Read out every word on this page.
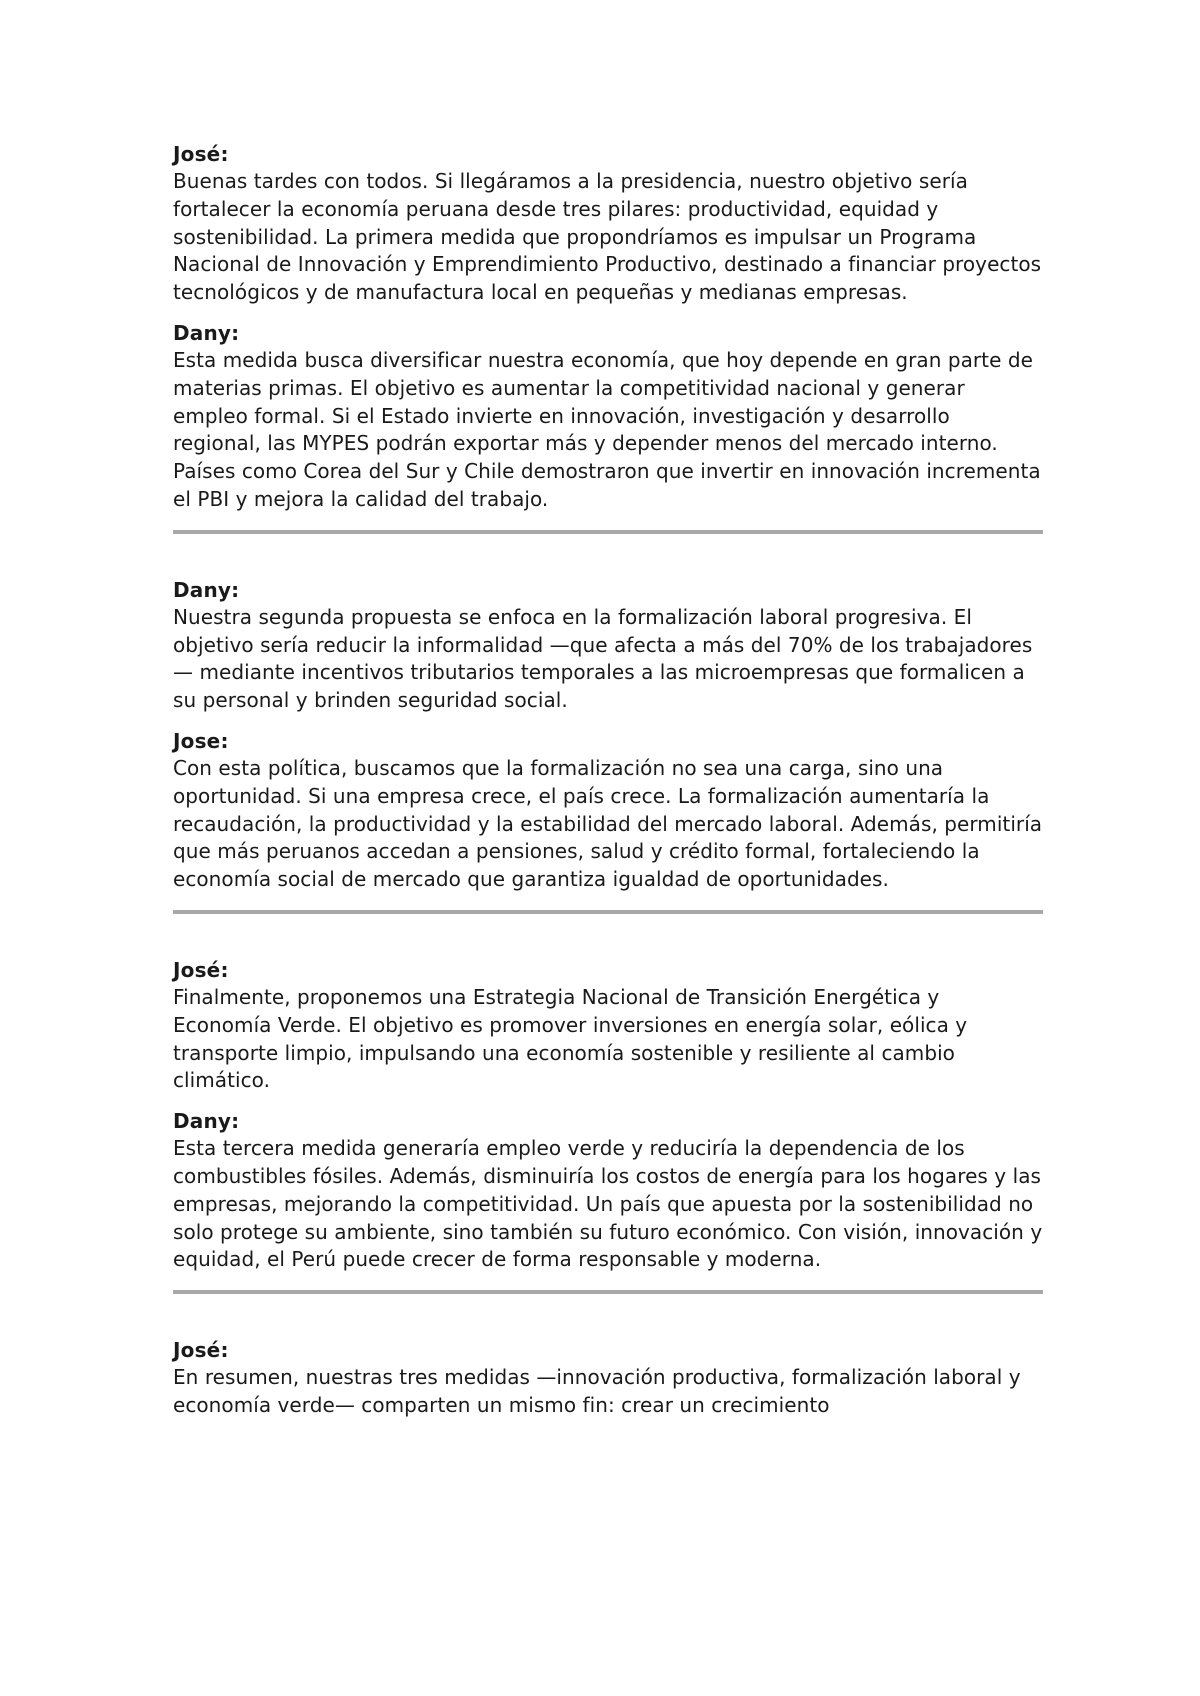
José:

Buenas tardes con todos. Si llegáramos a la presidencia, nuestro objetivo sería fortalecer la economía peruana desde tres pilares: productividad, equidad y sostenibilidad. La primera medida que propondríamos es impulsar un Programa Nacional de Innovación y Emprendimiento Productivo, destinado a financiar proyectos tecnológicos y de manufactura local en pequeñas y medianas empresas.

Dany:

Esta medida busca diversificar nuestra economía, que hoy depende en gran parte de materias primas. El objetivo es aumentar la competitividad nacional y generar empleo formal. Si el Estado invierte en innovación, investigación y desarrollo regional, las MYPES podrán exportar más y depender menos del mercado interno. Países como Corea del Sur y Chile demostraron que invertir en innovación incrementa el PBI y mejora la calidad del trabajo.

Dany:

Nuestra segunda propuesta se enfoca en la formalización laboral progresiva. El objetivo sería reducir la informalidad —que afecta a más del 70% de los trabajadores— mediante incentivos tributarios temporales a las microempresas que formalicen a su personal y brinden seguridad social.

Jose:

Con esta política, buscamos que la formalización no sea una carga, sino una oportunidad. Si una empresa crece, el país crece. La formalización aumentaría la recaudación, la productividad y la estabilidad del mercado laboral. Además, permitiría que más peruanos accedan a pensiones, salud y crédito formal, fortaleciendo la economía social de mercado que garantiza igualdad de oportunidades.

José:

Finalmente, proponemos una Estrategia Nacional de Transición Energética y Economía Verde. El objetivo es promover inversiones en energía solar, eólica y transporte limpio, impulsando una economía sostenible y resiliente al cambio climático.

Dany:

Esta tercera medida generaría empleo verde y reduciría la dependencia de los combustibles fósiles. Además, disminuiría los costos de energía para los hogares y las empresas, mejorando la competitividad. Un país que apuesta por la sostenibilidad no solo protege su ambiente, sino también su futuro económico. Con visión, innovación y equidad, el Perú puede crecer de forma responsable y moderna.

José:

En resumen, nuestras tres medidas —innovación productiva, formalización laboral y economía verde— comparten un mismo fin: crear un crecimiento
